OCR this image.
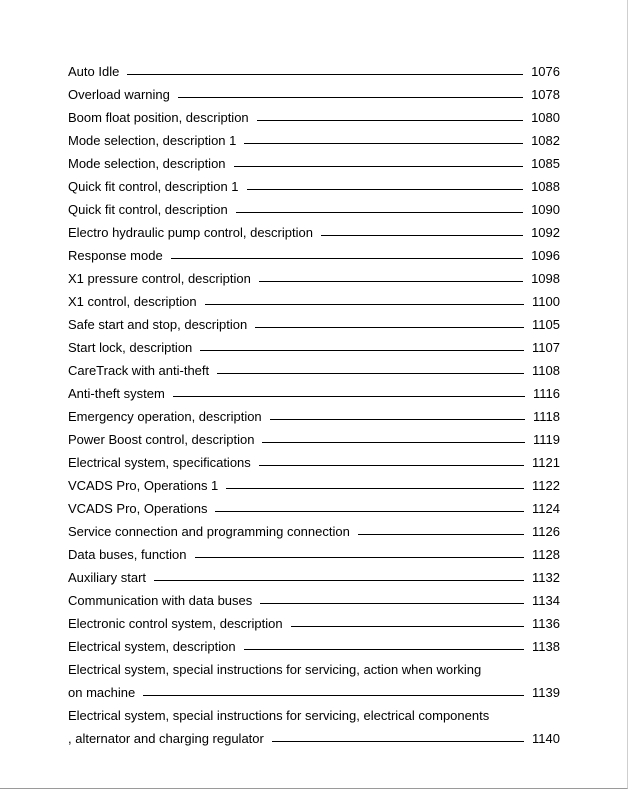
Auto Idle	1076
Overload warning	1078
Boom float position, description	1080
Mode selection, description 1	1082
Mode selection, description	1085
Quick fit control, description 1	1088
Quick fit control, description	1090
Electro hydraulic pump control, description	1092
Response mode	1096
X1 pressure control, description	1098
X1 control, description	1100
Safe start and stop, description	1105
Start lock, description	1107
CareTrack with anti-theft	1108
Anti-theft system	1116
Emergency operation, description	1118
Power Boost control, description	1119
Electrical system, specifications	1121
VCADS Pro, Operations 1	1122
VCADS Pro, Operations	1124
Service connection and programming connection	1126
Data buses, function	1128
Auxiliary start	1132
Communication with data buses	1134
Electronic control system, description	1136
Electrical system, description	1138
Electrical system, special instructions for servicing, action when working
on machine	1139
Electrical system, special instructions for servicing, electrical components
, alternator and charging regulator	1140
